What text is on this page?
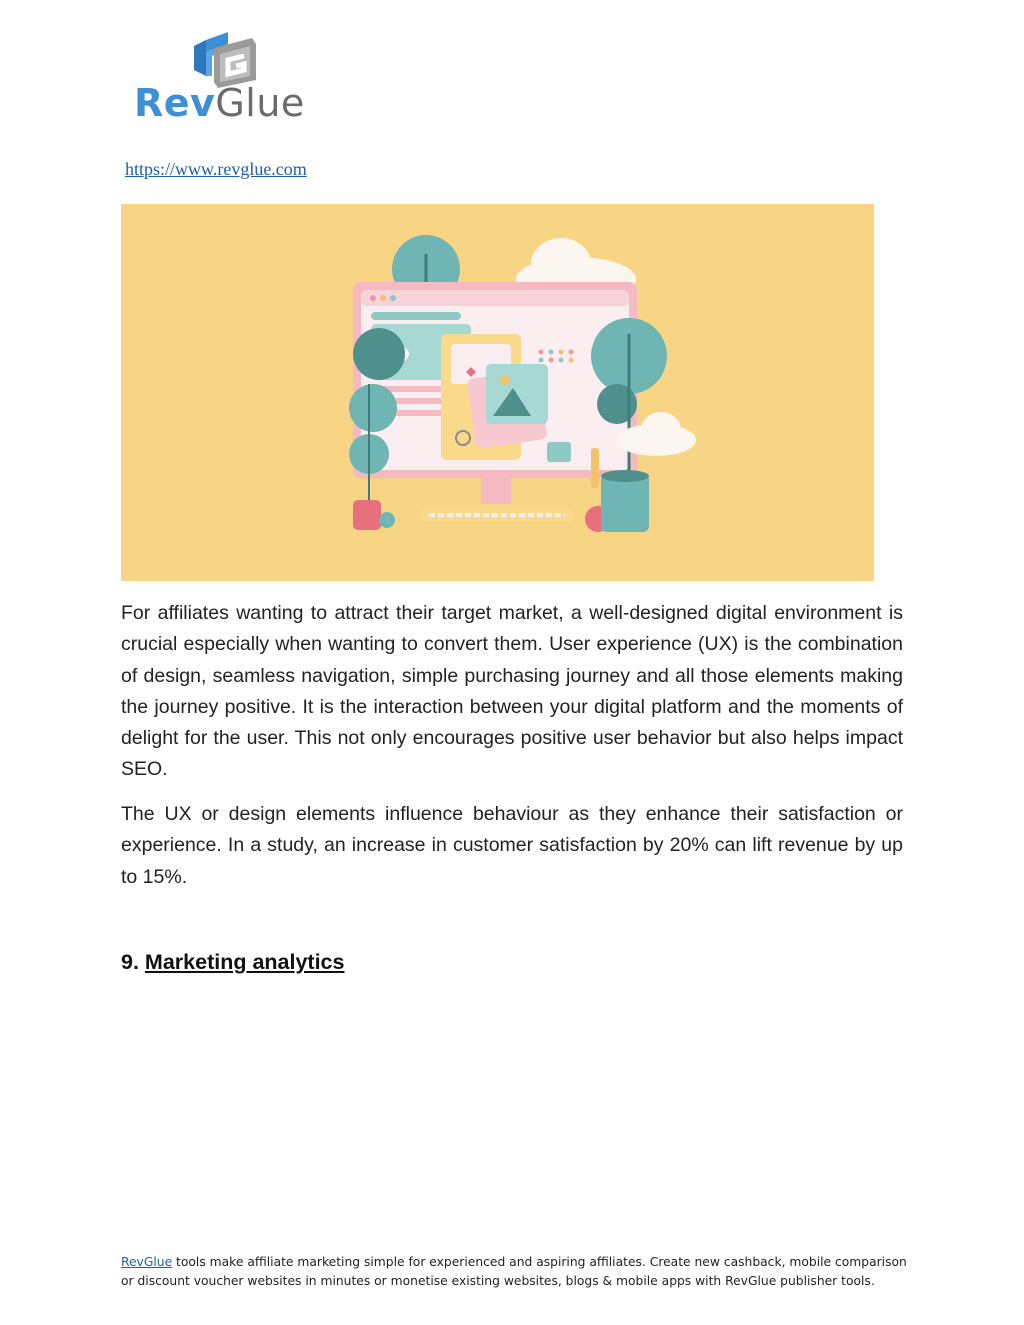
RevGlue
https://www.revglue.com

For affiliates wanting to attract their target market, a well-designed digital environment is crucial especially when wanting to convert them. User experience (UX) is the combination of design, seamless navigation, simple purchasing journey and all those elements making the journey positive. It is the interaction between your digital platform and the moments of delight for the user. This not only encourages positive user behavior but also helps impact SEO.

The UX or design elements influence behaviour as they enhance their satisfaction or experience. In a study, an increase in customer satisfaction by 20% can lift revenue by up to 15%.

9. Marketing analytics

RevGlue tools make affiliate marketing simple for experienced and aspiring affiliates. Create new cashback, mobile comparison or discount voucher websites in minutes or monetise existing websites, blogs & mobile apps with RevGlue publisher tools.
